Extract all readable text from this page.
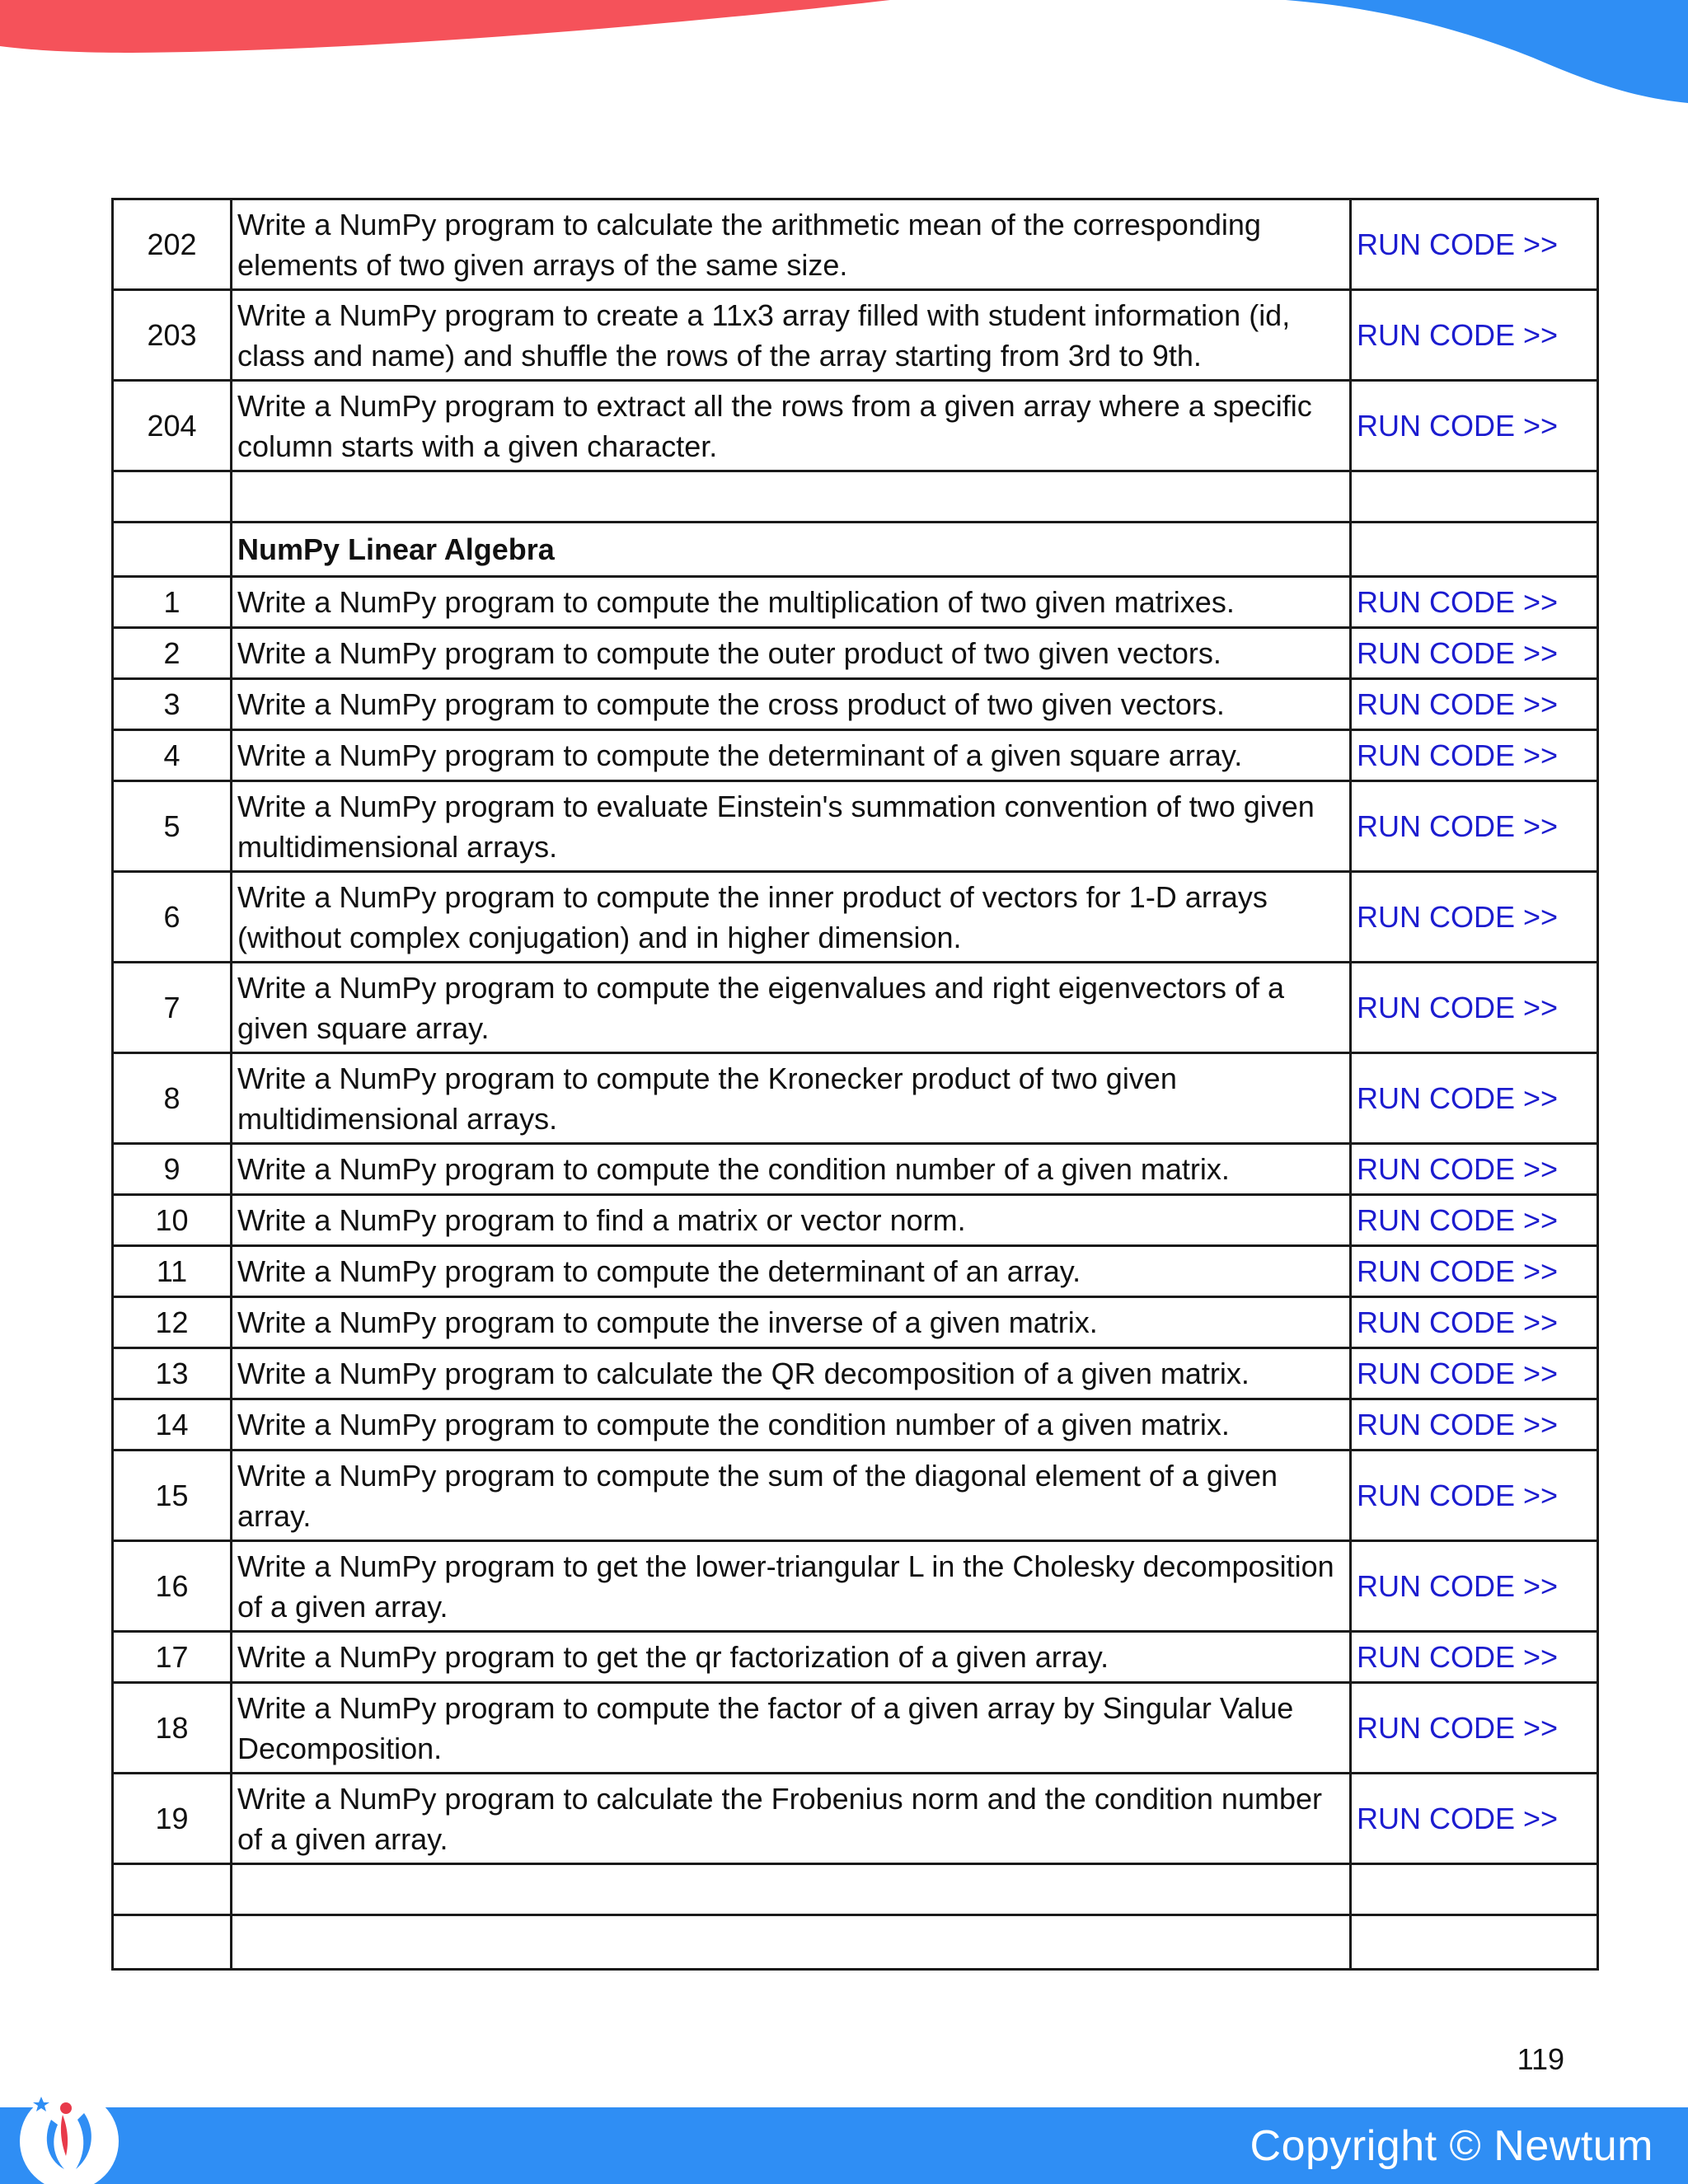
202	Write a NumPy program to calculate the arithmetic mean of the corresponding elements of two given arrays of the same size.	RUN CODE >>
203	Write a NumPy program to create a 11x3 array filled with student information (id, class and name) and shuffle the rows of the array starting from 3rd to 9th.	RUN CODE >>
204	Write a NumPy program to extract all the rows from a given array where a specific column starts with a given character.	RUN CODE >>

	NumPy Linear Algebra	
1	Write a NumPy program to compute the multiplication of two given matrixes.	RUN CODE >>
2	Write a NumPy program to compute the outer product of two given vectors.	RUN CODE >>
3	Write a NumPy program to compute the cross product of two given vectors.	RUN CODE >>
4	Write a NumPy program to compute the determinant of a given square array.	RUN CODE >>
5	Write a NumPy program to evaluate Einstein's summation convention of two given multidimensional arrays.	RUN CODE >>
6	Write a NumPy program to compute the inner product of vectors for 1-D arrays (without complex conjugation) and in higher dimension.	RUN CODE >>
7	Write a NumPy program to compute the eigenvalues and right eigenvectors of a given square array.	RUN CODE >>
8	Write a NumPy program to compute the Kronecker product of two given multidimensional arrays.	RUN CODE >>
9	Write a NumPy program to compute the condition number of a given matrix.	RUN CODE >>
10	Write a NumPy program to find a matrix or vector norm.	RUN CODE >>
11	Write a NumPy program to compute the determinant of an array.	RUN CODE >>
12	Write a NumPy program to compute the inverse of a given matrix.	RUN CODE >>
13	Write a NumPy program to calculate the QR decomposition of a given matrix.	RUN CODE >>
14	Write a NumPy program to compute the condition number of a given matrix.	RUN CODE >>
15	Write a NumPy program to compute the sum of the diagonal element of a given array.	RUN CODE >>
16	Write a NumPy program to get the lower-triangular L in the Cholesky decomposition of a given array.	RUN CODE >>
17	Write a NumPy program to get the qr factorization of a given array.	RUN CODE >>
18	Write a NumPy program to compute the factor of a given array by Singular Value Decomposition.	RUN CODE >>
19	Write a NumPy program to calculate the Frobenius norm and the condition number of a given array.	RUN CODE >>

119
Copyright © Newtum
